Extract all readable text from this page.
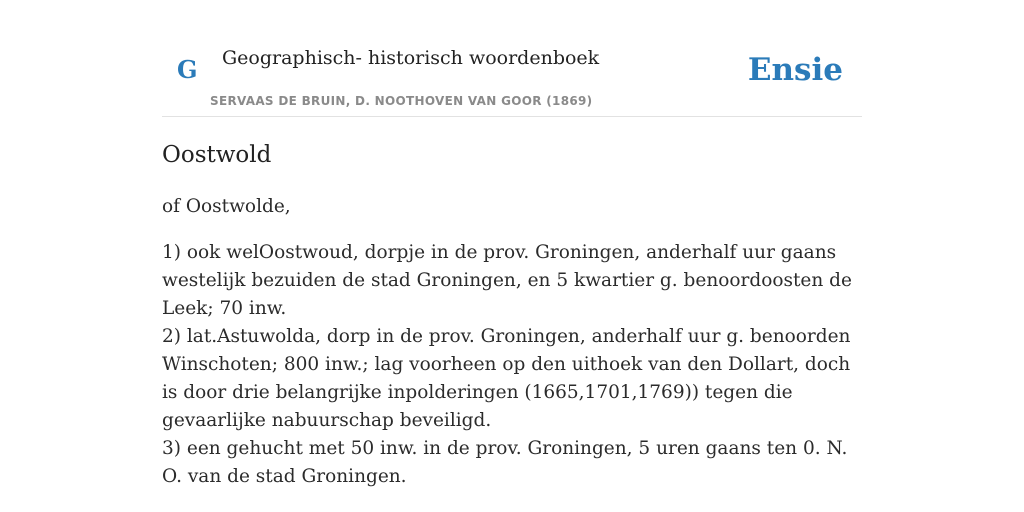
G Geographisch- historisch woordenboek
SERVAAS DE BRUIN, D. NOOTHOVEN VAN GOOR (1869)
Ensie
Oostwold

of Oostwolde,

1) ook welOostwoud, dorpje in de prov. Groningen, anderhalf uur gaans westelijk bezuiden de stad Groningen, en 5 kwartier g. benoordoosten de Leek; 70 inw.

2) lat.Astuwolda, dorp in de prov. Groningen, anderhalf uur g. benoorden Winschoten; 800 inw.; lag voorheen op den uithoek van den Dollart, doch is door drie belangrijke inpolderingen (1665,1701,1769)) tegen die gevaarlijke nabuurschap beveiligd.

3) een gehucht met 50 inw. in de prov. Groningen, 5 uren gaans ten 0. N. O. van de stad Groningen.
